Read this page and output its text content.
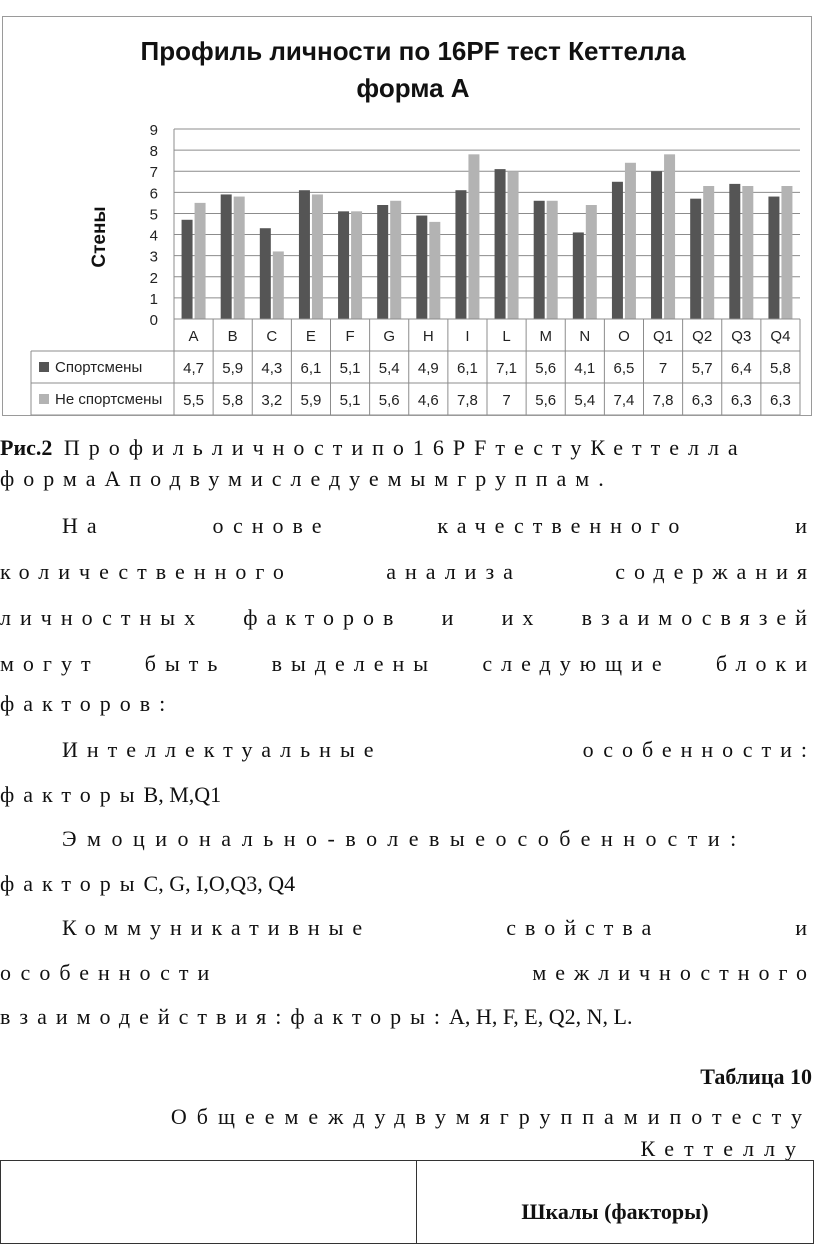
Профиль личности по 16PF тест Кеттелла
форма А
Стены
0
1
2
3
4
5
6
7
8
9
A B C E F G H I L M N O Q1 Q2 Q3 Q4
Спортсмены	4,7 5,9 4,3 6,1 5,1 5,4 4,9 6,1 7,1 5,6 4,1 6,5 7 5,7 6,4 5,8
Не спортсмены 5,5 5,8 3,2 5,9 5,1 5,6 4,6 7,8 7 5,6 5,4 7,4 7,8 6,3 6,3 6,3
Рис.2 Профильличностипо16PFтестуКеттелла
формаАподвумиследуемымгруппам.
На	основе	качественного	и
количественного	анализа	содержания
личностных факторов и их взаимосвязей
могут быть выделены следующие блоки
факторов:
Интеллектуальные	особенности:
факторыB, M,Q1
Эмоционально-волевыеособенности:
факторыC, G, I,O,Q3, Q4
Коммуникативные	свойства	и
особенности	межличностного
взаимодействия:факторы:A, H, F, E, Q2, N, L.
Таблица 10
Общеемеждудвумягруппамипотесту
Кеттеллу
Шкалы (факторы)
